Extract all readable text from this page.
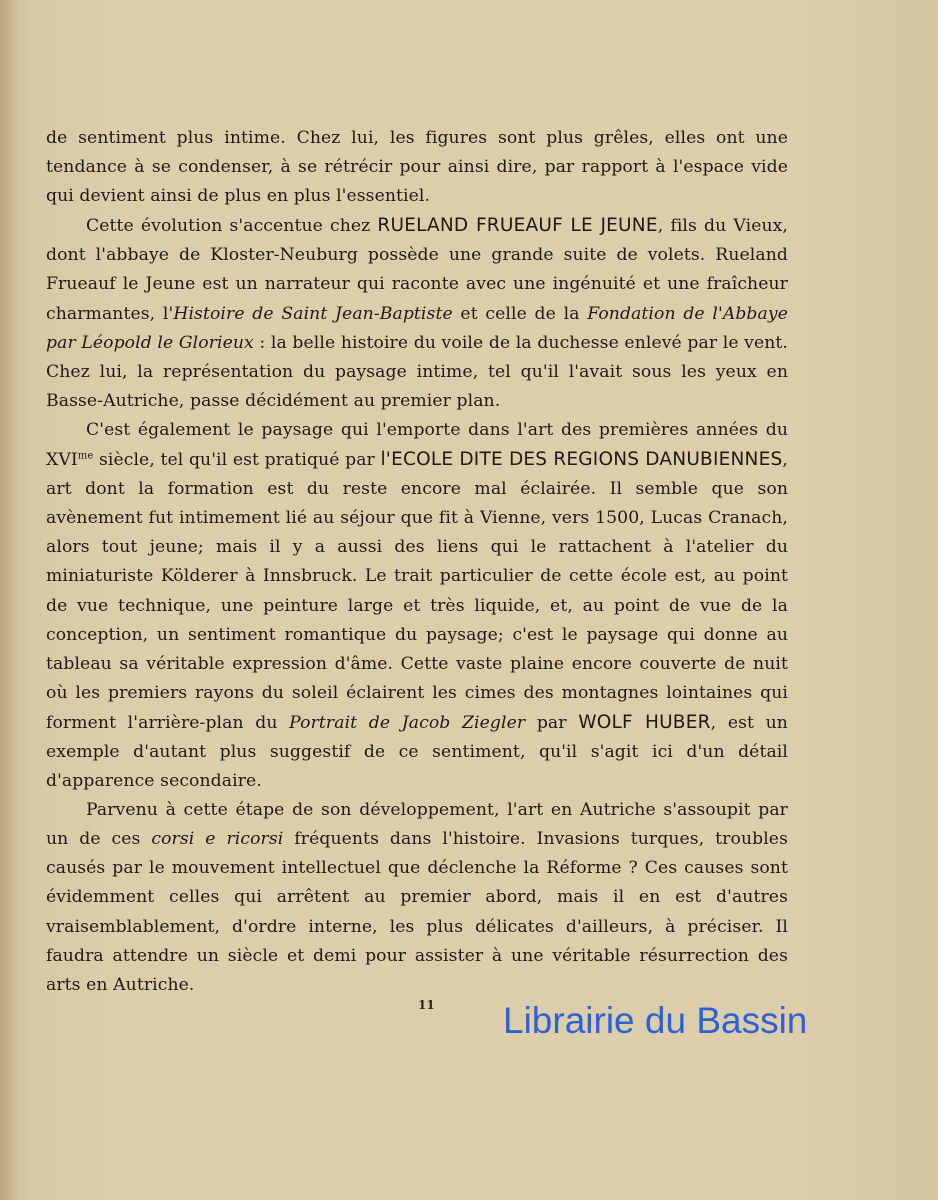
de sentiment plus intime. Chez lui, les figures sont plus grêles, elles ont une tendance à se condenser, à se rétrécir pour ainsi dire, par rapport à l'espace vide qui devient ainsi de plus en plus l'essentiel.

Cette évolution s'accentue chez RUELAND FRUEAUF LE JEUNE, fils du Vieux, dont l'abbaye de Kloster-Neuburg possède une grande suite de volets. Rueland Frueauf le Jeune est un narrateur qui raconte avec une ingénuité et une fraîcheur charmantes, l'Histoire de Saint Jean-Baptiste et celle de la Fondation de l'Abbaye par Léopold le Glorieux : la belle histoire du voile de la duchesse enlevé par le vent. Chez lui, la représentation du paysage intime, tel qu'il l'avait sous les yeux en Basse-Autriche, passe décidément au premier plan.

C'est également le paysage qui l'emporte dans l'art des premières années du $XVI^{me}$ siècle, tel qu'il est pratiqué par l'ECOLE DITE DES REGIONS DANUBIENNES, art dont la formation est du reste encore mal éclairée. Il semble que son avènement fut intimement lié au séjour que fit à Vienne, vers 1500, Lucas Cranach, alors tout jeune; mais il y a aussi des liens qui le rattachent à l'atelier du miniaturiste Kölderer à Innsbruck. Le trait particulier de cette école est, au point de vue technique, une peinture large et très liquide, et, au point de vue de la conception, un sentiment romantique du paysage; c'est le paysage qui donne au tableau sa véritable expression d'âme. Cette vaste plaine encore couverte de nuit où les premiers rayons du soleil éclairent les cimes des montagnes lointaines qui forment l'arrière-plan du Portrait de Jacob Ziegler par WOLF HUBER, est un exemple d'autant plus suggestif de ce sentiment, qu'il s'agit ici d'un détail d'apparence secondaire.

Parvenu à cette étape de son développement, l'art en Autriche s'assoupit par un de ces corsi e ricorsi fréquents dans l'histoire. Invasions turques, troubles causés par le mouvement intellectuel que déclenche la Réforme ? Ces causes sont évidemment celles qui arrêtent au premier abord, mais il en est d'autres vraisemblablement, d'ordre interne, les plus délicates d'ailleurs, à préciser. Il faudra attendre un siècle et demi pour assister à une véritable résurrection des arts en Autriche.

11 Librairie du Bassin
